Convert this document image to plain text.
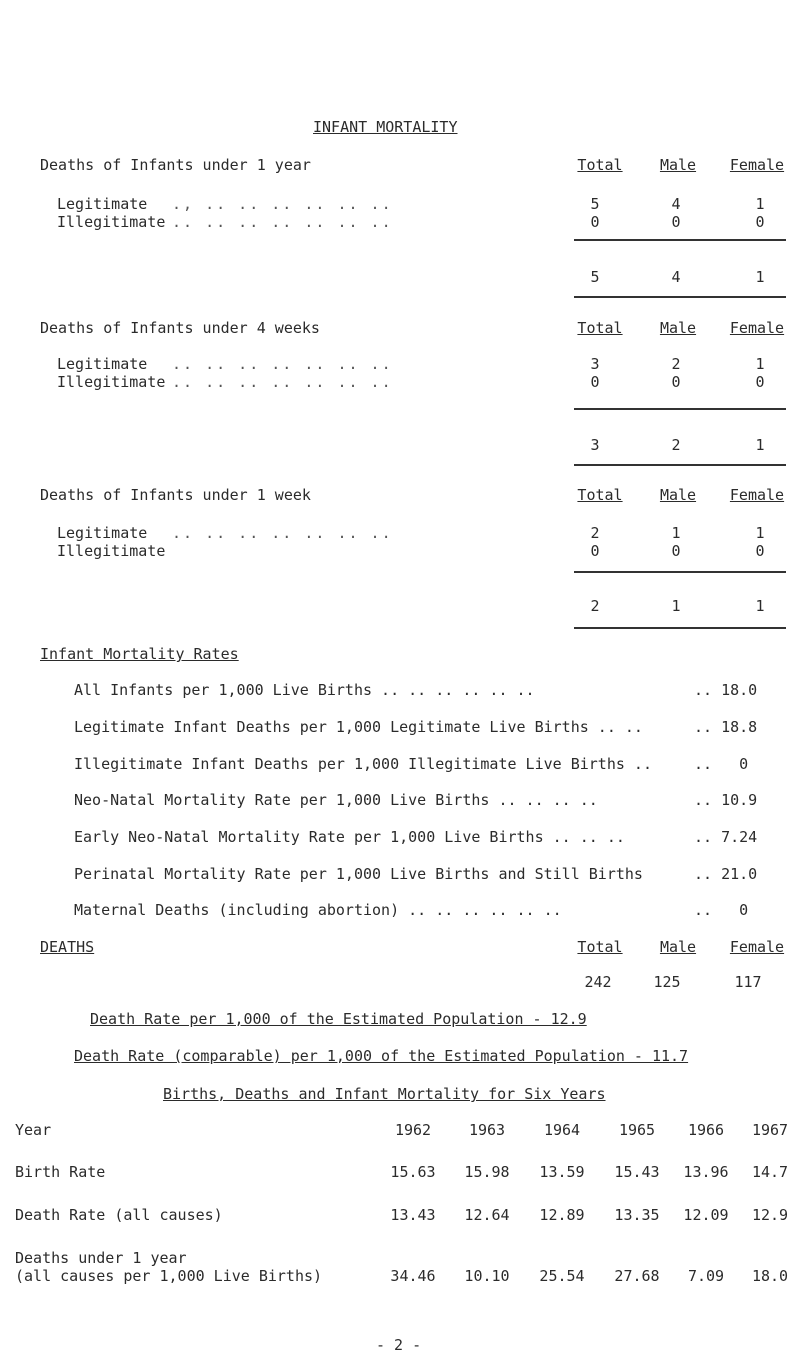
INFANT MORTALITY
Deaths of Infants under 1 year	Total Male Female
Legitimate ., .. .. .. .. .. ..	5	4	1
Illegitimate .. .. .. .. .. .. ..	0	0	0
5	4	1
Deaths of Infants under 4 weeks	Total Male Female
Legitimate .. .. .. .. .. .. ..	3	2	1
Illegitimate .. .. .. .. .. .. ..	0	0	0
3	2	1
Deaths of Infants under 1 week	Total Male Female
Legitimate .. .. .. .. .. .. ..	2	1	1
Illegitimate	0	0	0
2	1	1
Infant Mortality Rates
All Infants per 1,000 Live Births .. .. .. .. .. ..	.. 18.0
Legitimate Infant Deaths per 1,000 Legitimate Live Births .. ..	.. 18.8
Illegitimate Infant Deaths per 1,000 Illegitimate Live Births ..	..   0
Neo-Natal Mortality Rate per 1,000 Live Births .. .. .. ..	.. 10.9
Early Neo-Natal Mortality Rate per 1,000 Live Births .. .. ..	.. 7.24
Perinatal Mortality Rate per 1,000 Live Births and Still Births	.. 21.0
Maternal Deaths (including abortion) .. .. .. .. .. ..	..   0
DEATHS	Total Male Female
242	125	117
Death Rate per 1,000 of the Estimated Population - 12.9
Death Rate (comparable) per 1,000 of the Estimated Population - 11.7
Births, Deaths and Infant Mortality for Six Years
Year	1962	1963	1964	1965 1966 1967
Birth Rate	15.63 15.98 13.59 15.43 13.96 14.7
Death Rate (all causes)	13.43 12.64 12.89 13.35 12.09 12.9
Deaths under 1 year
(all causes per 1,000 Live Births)	34.46 10.10 25.54 27.68 7.09 18.0
- 2 -
